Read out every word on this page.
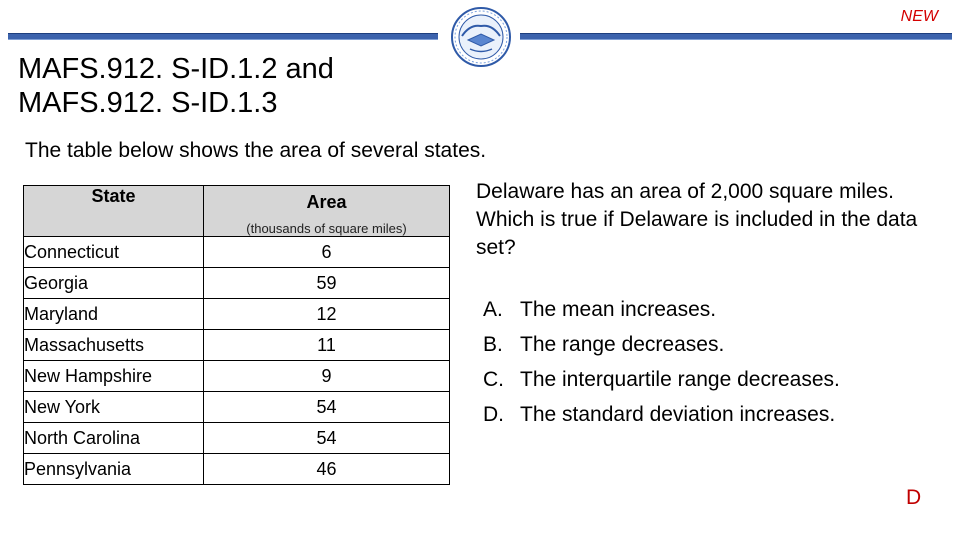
NEW
MAFS.912. S-ID.1.2 and
MAFS.912. S-ID.1.3
The table below shows the area of several states.
State	Area
(thousands of square miles)

Connecticut	6
Georgia	59
Maryland	12
Massachusetts	11
New Hampshire	9
New York	54
North Carolina	54
Pennsylvania	46
Delaware has an area of 2,000 square miles. Which is true if Delaware is included in the data set?
A. The mean increases.
B. The range decreases.
C. The interquartile range decreases.
D. The standard deviation increases.
D
